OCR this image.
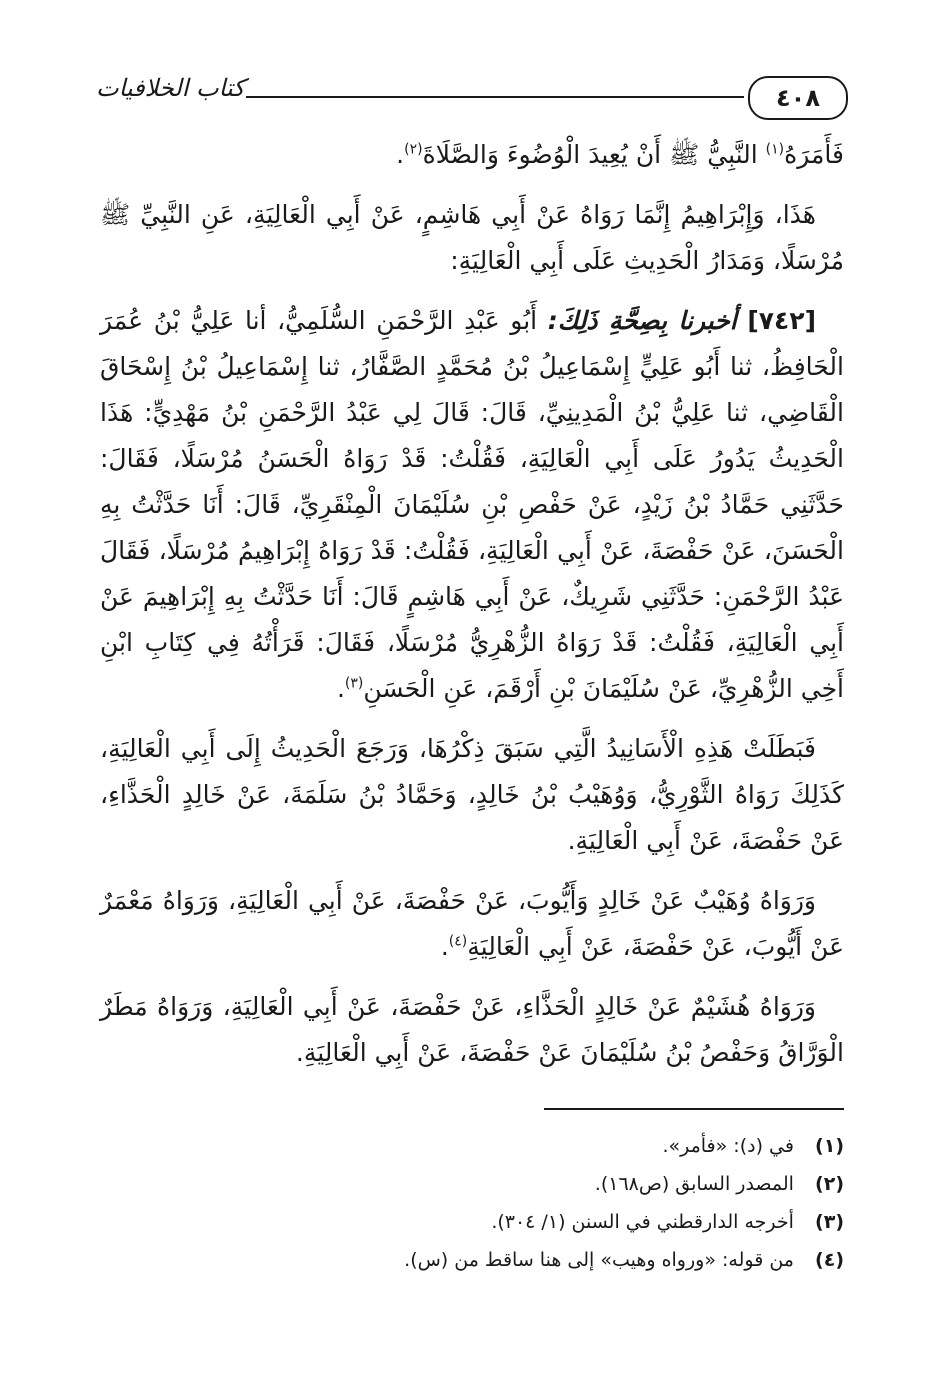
٤٠٨
كتاب الخلافيات

فَأَمَرَهُ$^{(١)}$ النَّبِيُّ ﷺ أَنْ يُعِيدَ الْوُضُوءَ وَالصَّلَاةَ$^{(٢)}$.

هَذَا، وَإِبْرَاهِيمُ إِنَّمَا رَوَاهُ عَنْ أَبِي هَاشِمٍ، عَنْ أَبِي الْعَالِيَةِ، عَنِ النَّبِيِّ ﷺ مُرْسَلًا، وَمَدَارُ الْحَدِيثِ عَلَى أَبِي الْعَالِيَةِ:

[٧٤٢] أخبرنا بِصِحَّةِ ذَلِكَ: أَبُو عَبْدِ الرَّحْمَنِ السُّلَمِيُّ، أنا عَلِيُّ بْنُ عُمَرَ الْحَافِظُ، ثنا أَبُو عَلِيٍّ إِسْمَاعِيلُ بْنُ مُحَمَّدٍ الصَّفَّارُ، ثنا إِسْمَاعِيلُ بْنُ إِسْحَاقَ الْقَاضِي، ثنا عَلِيُّ بْنُ الْمَدِينِيِّ، قَالَ: قَالَ لِي عَبْدُ الرَّحْمَنِ بْنُ مَهْدِيٍّ: هَذَا الْحَدِيثُ يَدُورُ عَلَى أَبِي الْعَالِيَةِ، فَقُلْتُ: قَدْ رَوَاهُ الْحَسَنُ مُرْسَلًا، فَقَالَ: حَدَّثَنِي حَمَّادُ بْنُ زَيْدٍ، عَنْ حَفْصِ بْنِ سُلَيْمَانَ الْمِنْقَرِيِّ، قَالَ: أَنَا حَدَّثْتُ بِهِ الْحَسَنَ، عَنْ حَفْصَةَ، عَنْ أَبِي الْعَالِيَةِ، فَقُلْتُ: قَدْ رَوَاهُ إِبْرَاهِيمُ مُرْسَلًا، فَقَالَ عَبْدُ الرَّحْمَنِ: حَدَّثَنِي شَرِيكٌ، عَنْ أَبِي هَاشِمٍ قَالَ: أَنَا حَدَّثْتُ بِهِ إِبْرَاهِيمَ عَنْ أَبِي الْعَالِيَةِ، فَقُلْتُ: قَدْ رَوَاهُ الزُّهْرِيُّ مُرْسَلًا، فَقَالَ: قَرَأْتُهُ فِي كِتَابِ ابْنِ أَخِي الزُّهْرِيِّ، عَنْ سُلَيْمَانَ بْنِ أَرْقَمَ، عَنِ الْحَسَنِ$^{(٣)}$.

فَبَطَلَتْ هَذِهِ الْأَسَانِيدُ الَّتِي سَبَقَ ذِكْرُهَا، وَرَجَعَ الْحَدِيثُ إِلَى أَبِي الْعَالِيَةِ، كَذَلِكَ رَوَاهُ الثَّوْرِيُّ، وَوُهَيْبُ بْنُ خَالِدٍ، وَحَمَّادُ بْنُ سَلَمَةَ، عَنْ خَالِدٍ الْحَذَّاءِ، عَنْ حَفْصَةَ، عَنْ أَبِي الْعَالِيَةِ.

وَرَوَاهُ وُهَيْبٌ عَنْ خَالِدٍ وَأَيُّوبَ، عَنْ حَفْصَةَ، عَنْ أَبِي الْعَالِيَةِ، وَرَوَاهُ مَعْمَرٌ عَنْ أَيُّوبَ، عَنْ حَفْصَةَ، عَنْ أَبِي الْعَالِيَةِ$^{(٤)}$.

وَرَوَاهُ هُشَيْمٌ عَنْ خَالِدٍ الْحَذَّاءِ، عَنْ حَفْصَةَ، عَنْ أَبِي الْعَالِيَةِ، وَرَوَاهُ مَطَرٌ الْوَرَّاقُ وَحَفْصُ بْنُ سُلَيْمَانَ عَنْ حَفْصَةَ، عَنْ أَبِي الْعَالِيَةِ.

(١) في (د): «فأمر».
(٢) المصدر السابق (ص١٦٨).
(٣) أخرجه الدارقطني في السنن (١/ ٣٠٤).
(٤) من قوله: «ورواه وهيب» إلى هنا ساقط من (س).
